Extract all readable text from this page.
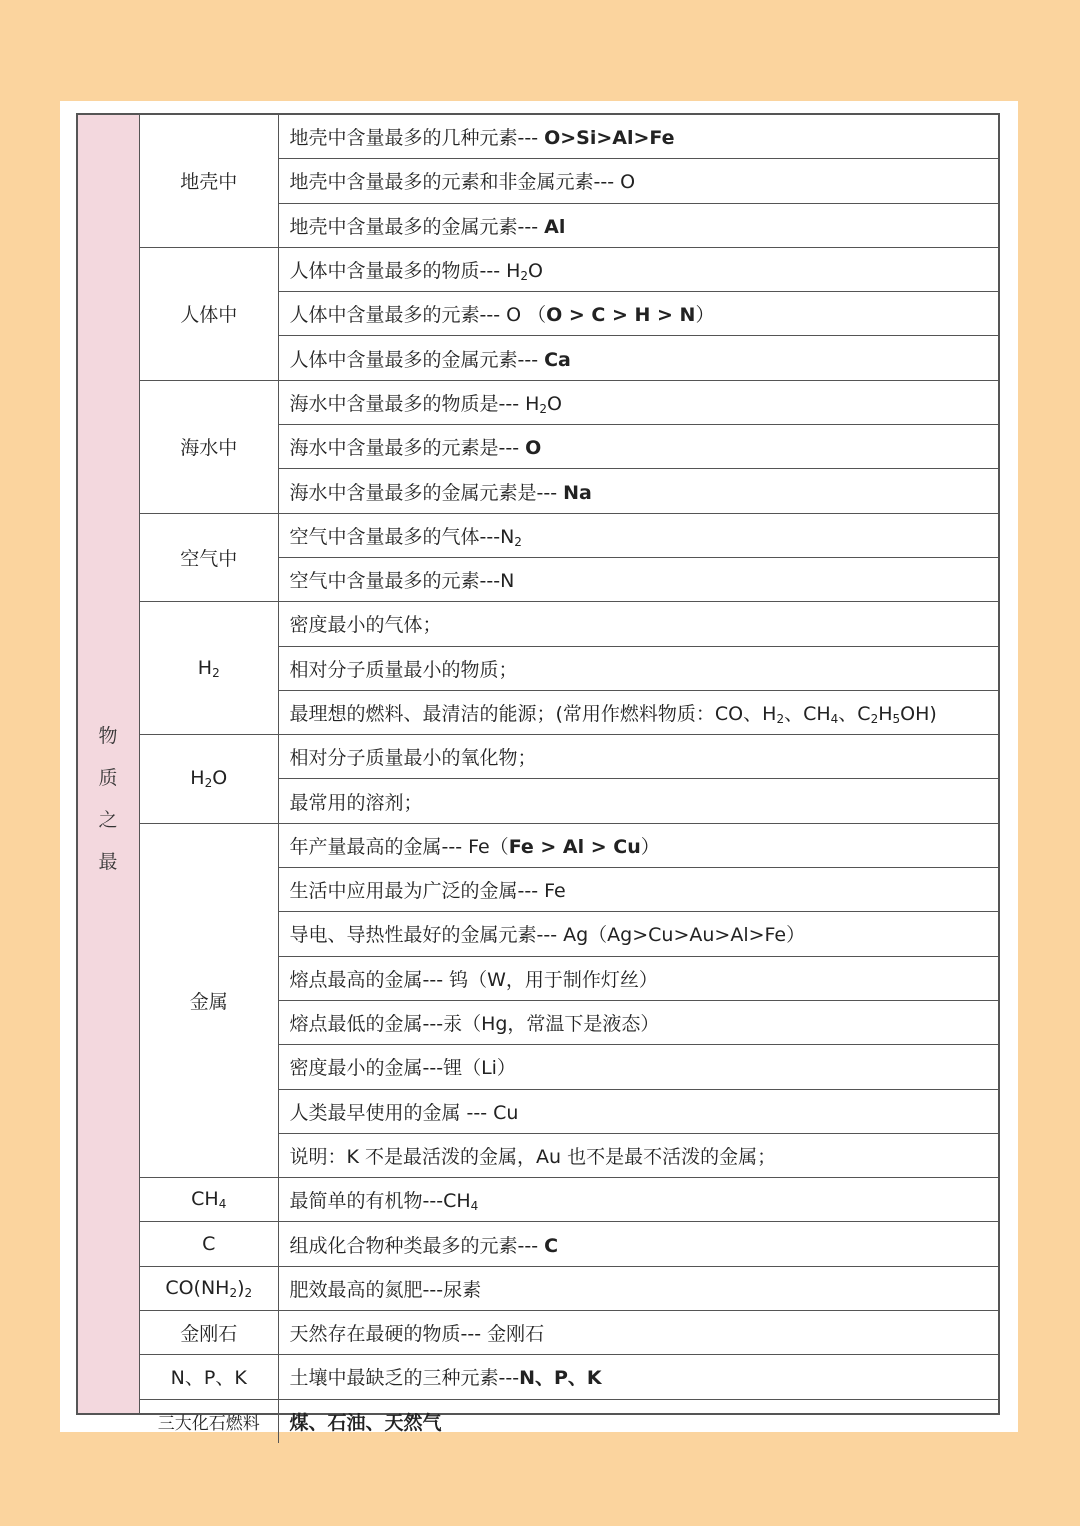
物
质
之
最
地壳中	地壳中含量最多的几种元素--- O>Si>Al>Fe
	地壳中含量最多的元素和非金属元素--- O
	地壳中含量最多的金属元素--- Al
人体中	人体中含量最多的物质--- $H_2O$
	人体中含量最多的元素--- O （O > C > H > N）
	人体中含量最多的金属元素--- Ca
海水中	海水中含量最多的物质是--- $H_2O$
	海水中含量最多的元素是--- O
	海水中含量最多的金属元素是--- Na
空气中	空气中含量最多的气体$---N_2$
	空气中含量最多的元素---N
$H_2$	密度最小的气体；
	相对分子质量最小的物质；
	最理想的燃料、最清洁的能源；(常用作燃料物质：CO、$H_2$、$CH_4$、$C_2H_5OH$)
$H_2O$	相对分子质量最小的氧化物；
	最常用的溶剂；
金属	年产量最高的金属--- Fe（Fe > Al > Cu）
	生活中应用最为广泛的金属--- Fe
	导电、导热性最好的金属元素--- Ag（Ag>Cu>Au>Al>Fe）
	熔点最高的金属--- 钨（W，用于制作灯丝）
	熔点最低的金属---汞（Hg，常温下是液态）
	密度最小的金属---锂（Li）
	人类最早使用的金属 --- Cu
	说明：K 不是最活泼的金属，Au 也不是最不活泼的金属；
$CH_4$	最简单的有机物$---CH_4$
C	组成化合物种类最多的元素--- C
$CO(NH_2)_2$	肥效最高的氮肥---尿素
金刚石	天然存在最硬的物质--- 金刚石
N、P、K	土壤中最缺乏的三种元素---N、P、K
三大化石燃料	煤、石油、天然气
